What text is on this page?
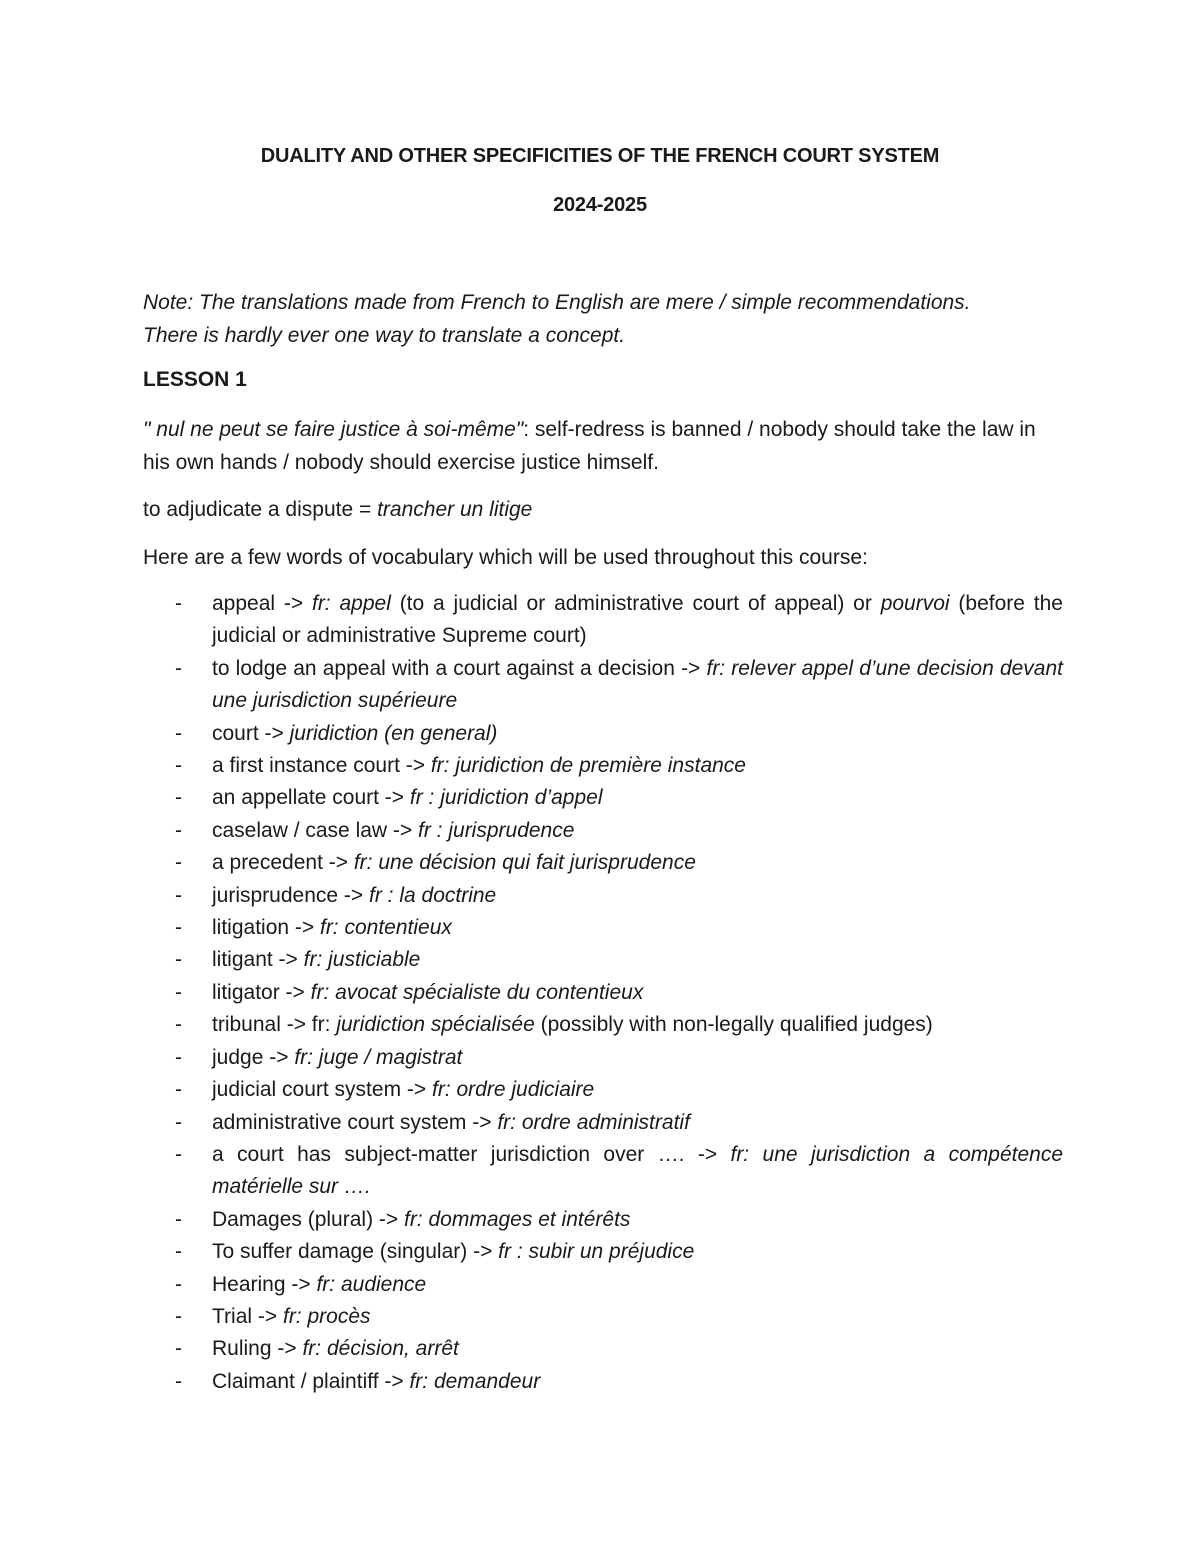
DUALITY AND OTHER SPECIFICITIES OF THE FRENCH COURT SYSTEM
2024-2025
Note: The translations made from French to English are mere / simple recommendations.
There is hardly ever one way to translate a concept.
LESSON 1
" nul ne peut se faire justice à soi-même": self-redress is banned / nobody should take the law in his own hands / nobody should exercise justice himself.
to adjudicate a dispute = trancher un litige
Here are a few words of vocabulary which will be used throughout this course:
- appeal -> fr: appel (to a judicial or administrative court of appeal) or pourvoi (before the judicial or administrative Supreme court)
- to lodge an appeal with a court against a decision -> fr: relever appel d’une decision devant une jurisdiction supérieure
- court -> juridiction (en general)
- a first instance court -> fr: juridiction de première instance
- an appellate court -> fr : juridiction d’appel
- caselaw / case law -> fr : jurisprudence
- a precedent -> fr: une décision qui fait jurisprudence
- jurisprudence -> fr : la doctrine
- litigation -> fr: contentieux
- litigant -> fr: justiciable
- litigator -> fr: avocat spécialiste du contentieux
- tribunal -> fr: juridiction spécialisée (possibly with non-legally qualified judges)
- judge -> fr: juge / magistrat
- judicial court system -> fr: ordre judiciaire
- administrative court system -> fr: ordre administratif
- a court has subject-matter jurisdiction over …. -> fr: une jurisdiction a compétence matérielle sur ….
- Damages (plural) -> fr: dommages et intérêts
- To suffer damage (singular) -> fr : subir un préjudice
- Hearing -> fr: audience
- Trial -> fr: procès
- Ruling -> fr: décision, arrêt
- Claimant / plaintiff -> fr: demandeur
